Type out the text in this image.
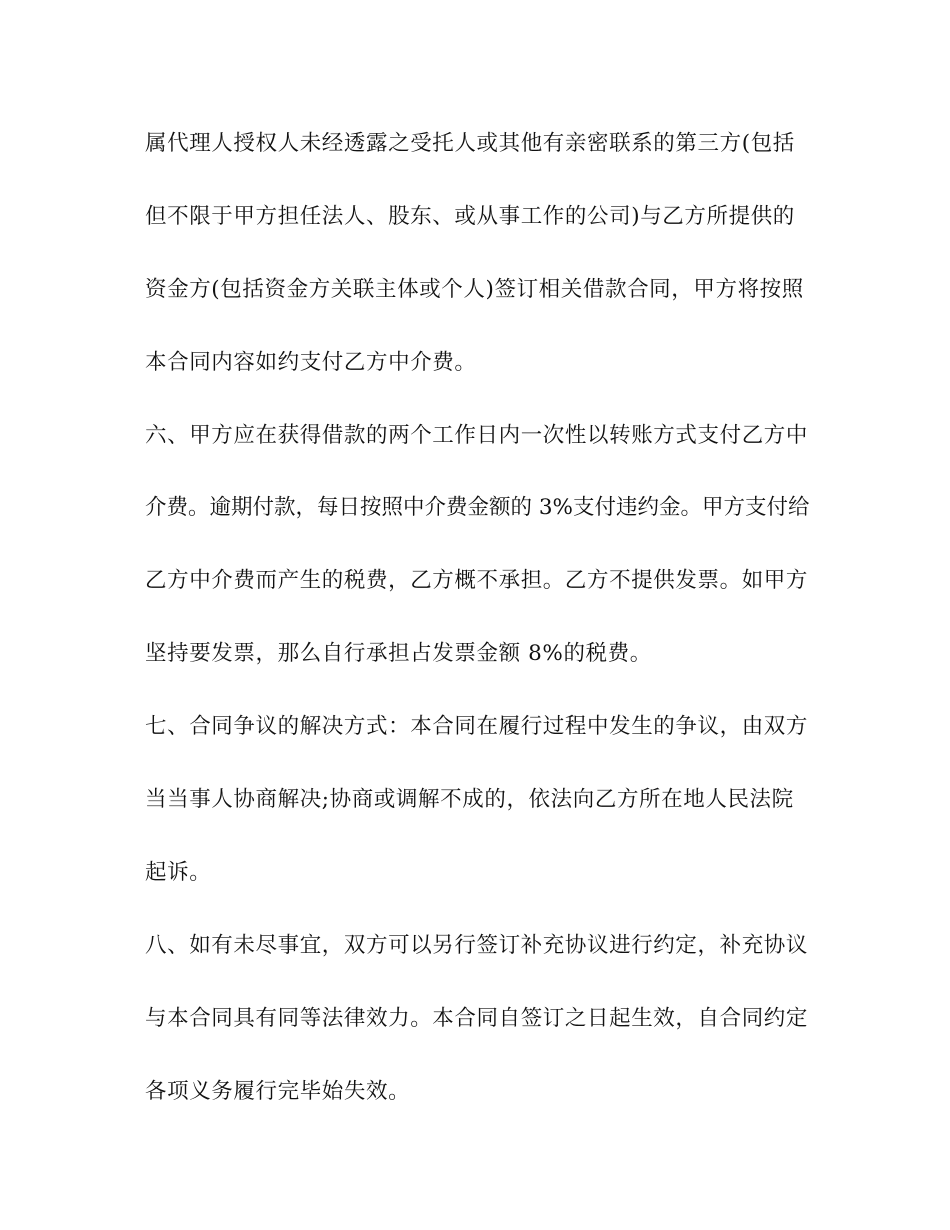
属代理人授权人未经透露之受托人或其他有亲密联系的第三方(包括
但不限于甲方担任法人、股东、或从事工作的公司)与乙方所提供的
资金方(包括资金方关联主体或个人)签订相关借款合同，甲方将按照
本合同内容如约支付乙方中介费。
六、甲方应在获得借款的两个工作日内一次性以转账方式支付乙方中
介费。逾期付款，每日按照中介费金额的 3%支付违约金。甲方支付给
乙方中介费而产生的税费，乙方概不承担。乙方不提供发票。如甲方
坚持要发票，那么自行承担占发票金额 8%的税费。
七、合同争议的解决方式：本合同在履行过程中发生的争议，由双方
当当事人协商解决;协商或调解不成的，依法向乙方所在地人民法院
起诉。
八、如有未尽事宜，双方可以另行签订补充协议进行约定，补充协议
与本合同具有同等法律效力。本合同自签订之日起生效，自合同约定
各项义务履行完毕始失效。
